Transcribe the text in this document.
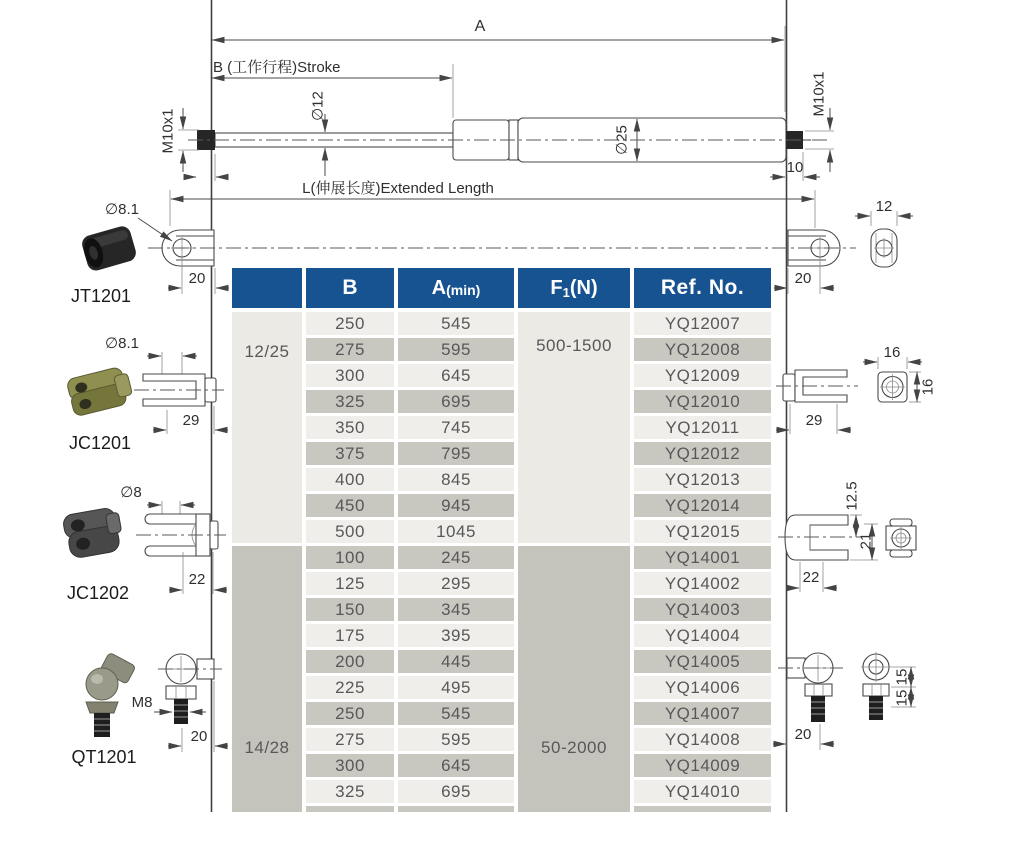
A
B (工作行程)Stroke
∅12
∅25
M10x1
M10x1
10
L(伸展长度)Extended Length
20	20
12
∅8.1
JT1201
∅8.1
29
JC1201
∅8
22
JC1202
M8
20
QT1201
29
16
16
12.5
21
22
20
15
15
B	A (min)	F 1 (N)	Ref. No.
12/25	500-1500
250	545	YQ12007
275	595	YQ12008
300	645	YQ12009
325	695	YQ12010
350	745	YQ12011
375	795	YQ12012
400	845	YQ12013
450	945	YQ12014
500	1045	YQ12015
14/28	50-2000
100	245	YQ14001
125	295	YQ14002
150	345	YQ14003
175	395	YQ14004
200	445	YQ14005
225	495	YQ14006
250	545	YQ14007
275	595	YQ14008
300	645	YQ14009
325	695	YQ14010
